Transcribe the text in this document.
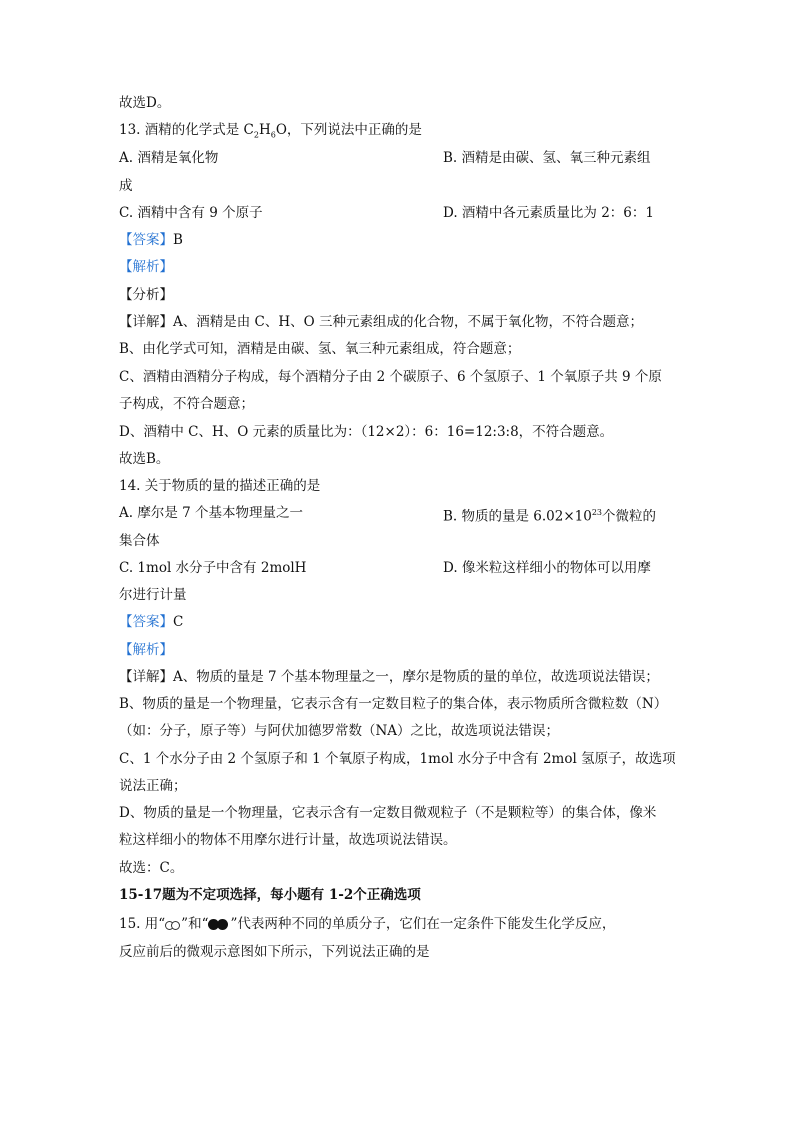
故选D。
13. 酒精的化学式是 $C_2H_6O$，下列说法中正确的是
A. 酒精是氧化物	B. 酒精是由碳、氢、氧三种元素组
成
C. 酒精中含有 9 个原子	D. 酒精中各元素质量比为 2：6：1
【答案】B
【解析】
【分析】
【详解】A、酒精是由 C、H、O 三种元素组成的化合物，不属于氧化物，不符合题意；
B、由化学式可知，酒精是由碳、氢、氧三种元素组成，符合题意；
C、酒精由酒精分子构成，每个酒精分子由 2 个碳原子、6 个氢原子、1 个氧原子共 9 个原
子构成，不符合题意；
D、酒精中 C、H、O 元素的质量比为：（12×2）：6：16=12:3:8，不符合题意。
故选B。
14. 关于物质的量的描述正确的是
A. 摩尔是 7 个基本物理量之一	B. 物质的量是 $6.02\times 10^{23}$个微粒的
集合体
C. 1mol 水分子中含有 2molH	D. 像米粒这样细小的物体可以用摩
尔进行计量
【答案】C
【解析】
【详解】A、物质的量是 7 个基本物理量之一，摩尔是物质的量的单位，故选项说法错误；
B、物质的量是一个物理量，它表示含有一定数目粒子的集合体，表示物质所含微粒数（N）
（如：分子，原子等）与阿伏加德罗常数（NA）之比，故选项说法错误；
C、1 个水分子由 2 个氢原子和 1 个氧原子构成，1mol 水分子中含有 2mol 氢原子，故选项
说法正确；
D、物质的量是一个物理量，它表示含有一定数目微观粒子（不是颗粒等）的集合体，像米
粒这样细小的物体不用摩尔进行计量，故选项说法错误。
故选：C。
15-17题为不定项选择，每小题有 1-2个正确选项
15. 用“ ”和“ ”代表两种不同的单质分子，它们在一定条件下能发生化学反应，
反应前后的微观示意图如下所示，下列说法正确的是
